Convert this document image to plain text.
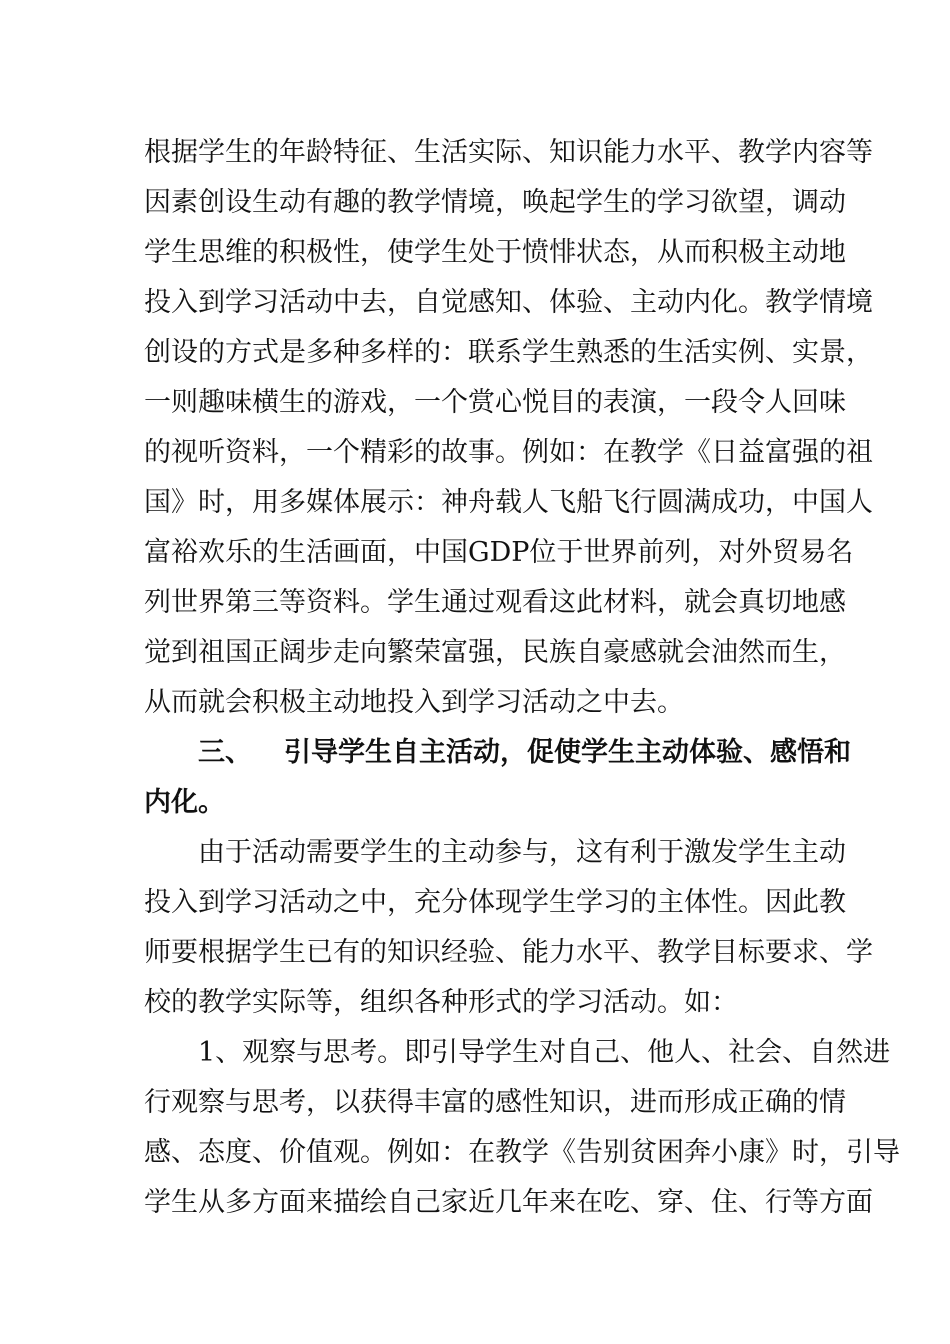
根据学生的年龄特征、生活实际、知识能力水平、教学内容等
因素创设生动有趣的教学情境，唤起学生的学习欲望，调动
学生思维的积极性，使学生处于愤悱状态，从而积极主动地
投入到学习活动中去，自觉感知、体验、主动内化。教学情境
创设的方式是多种多样的：联系学生熟悉的生活实例、实景，
一则趣味横生的游戏，一个赏心悦目的表演，一段令人回味
的视听资料，一个精彩的故事。例如：在教学《日益富强的祖
国》时，用多媒体展示：神舟载人飞船飞行圆满成功，中国人
富裕欢乐的生活画面，中国GDP位于世界前列，对外贸易名
列世界第三等资料。学生通过观看这此材料，就会真切地感
觉到祖国正阔步走向繁荣富强，民族自豪感就会油然而生，
从而就会积极主动地投入到学习活动之中去。
三、 引导学生自主活动，促使学生主动体验、感悟和
内化。
由于活动需要学生的主动参与，这有利于激发学生主动
投入到学习活动之中，充分体现学生学习的主体性。因此教
师要根据学生已有的知识经验、能力水平、教学目标要求、学
校的教学实际等，组织各种形式的学习活动。如：
1、观察与思考。即引导学生对自己、他人、社会、自然进
行观察与思考，以获得丰富的感性知识，进而形成正确的情
感、态度、价值观。例如：在教学《告别贫困奔小康》时，引导
学生从多方面来描绘自己家近几年来在吃、穿、住、行等方面
